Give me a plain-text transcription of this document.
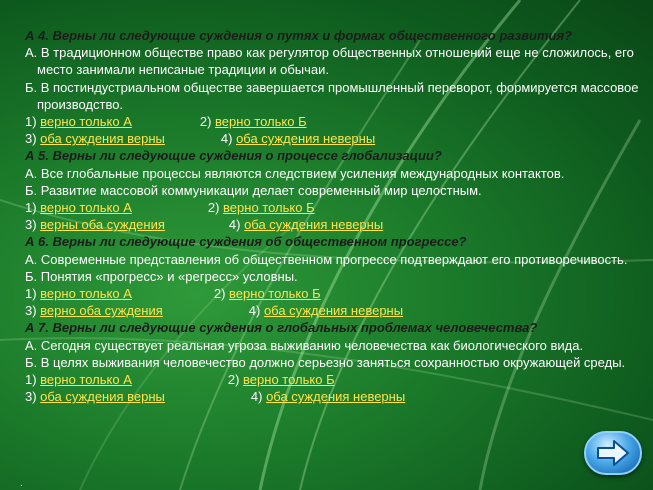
А 4. Верны ли следующие суждения о путях и формах общественного развития?

А. В традиционном обществе право как регулятор общественных отношений еще не сложилось, его место занимали неписаные традиции и обычаи.

Б. В постиндустриальном обществе завершается промышленный переворот, формируется массовое производство.

1) верно только А	2) верно только Б

3) оба суждения верны	4) оба суждения неверны

А 5. Верны ли следующие суждения о процессе глобализации?

А. Все глобальные процессы являются следствием усиления международных контактов.

Б. Развитие массовой коммуникации делает современный мир целостным.

1) верно только А	2) верно только Б

3) верны оба суждения	4) оба суждения неверны

А 6. Верны ли следующие суждения об общественном прогрессе?

А. Современные представления об общественном прогрессе подтверждают его противоречивость.

Б. Понятия «прогресс» и «регресс» условны.

1) верно только А	2) верно только Б

3) верно оба суждения	4) оба суждения неверны

А 7. Верны ли следующие суждения о глобальных проблемах человечества?

А. Сегодня существует реальная угроза выживанию человечества как биологического вида.

Б. В целях выживания человечество должно серьезно заняться сохранностью окружающей среды.

1) верно только А	2) верно только Б

3) оба суждения верны	4) оба суждения неверны

.
